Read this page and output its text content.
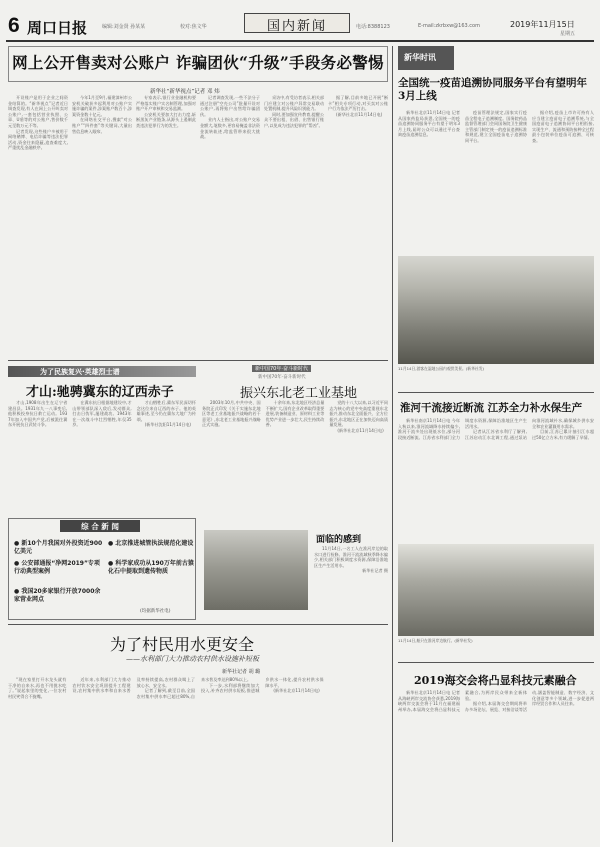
6 周口日报	编辑:刘金贤 孙某某	校对:焦文华	国内新闻	电话:8388123	E-mail:zkrbxw@163.com	2019年11月15日
星期五
网上公开售卖对公账户 诈骗团伙“升级”手段务必警惕
新华社“新华视点”记者 邓 炜

开设账户是用于企业之间资金结算的。“新华视点”记者近日调查发现,有人在网上公开叫卖对公账户,一套包括营业执照、公章、U盾等的对公账户,售价数千元至数万元不等。

记者发现,这些账户多被用于网络赌博、电信诈骗等违法犯罪活动,资金往来隐蔽,追查难度大,严重扰乱金融秩序。

今年1月至9月,福建漳州市公安机关破获多起利用对公账户实施诈骗的案件,涉案账户数百个,涉案资金数十亿元。

在网络社交平台,搜索“对公账户”“四件套”等关键词,大量出售信息映入眼帘。

专家表示,银行业金融机构要严格落实账户实名制管理,加强对账户开户审核和交易监测。

公安机关要加大打击力度,斩断黑灰产业链条,从源头上遏制此类违法犯罪行为的发生。

记者调查发现,一些不法分子通过注册“空壳公司”批量开设对公账户,再将账户出售给诈骗团伙。

业内人士指出,对公账户交易金额大,笔数多,更容易掩盖非法资金流转轨迹,给监管带来很大挑战。

采访中,有受访者表示,相关部门应建立对公账户异常交易联动处置机制,提升风险识别能力。

同时,要加强宣传教育,提醒公众不要出租、出借、出售银行账户,以免成为违法犯罪的“帮凶”。

据了解,目前多地已开展“断卡”相关专项行动,对买卖对公账户行为依法严厉打击。

(新华社北京11月14日电)

为了民族复兴·英雄烈士谱
才山:驰骋冀东的辽西赤子

才山,1908年出生在辽宁省建昌县。1931年九一八事变后,他积极投身抗日救亡运动。1937年加入中国共产党,后被派往冀东开展抗日武装斗争。

在冀东抗日根据地建设中,才山带领部队深入敌后,发动群众,打击日伪军,屡建战功。1943年在一次战斗中壮烈牺牲,年仅35岁。

才山牺牲后,冀东军民深切怀念这位来自辽西的赤子。他的英雄事迹,至今仍在冀东大地广为传颂。

(新华社沈阳11月14日电)

新中国70年·奋斗新时代
新中国70年·奋斗新时代
振兴东北老工业基地

2003年10月,中共中央、国务院正式印发《关于实施东北地区等老工业基地振兴战略的若干意见》,东北老工业基地振兴战略正式实施。

十余年来,东北地区经济总量不断扩大,国有企业改革取得重要进展,装备制造业、原材料工业等优势产业进一步壮大,民生持续改善。

党的十八大以来,以习近平同志为核心的党中央高度重视东北振兴,推动东北全面振兴、全方位振兴,东北地区正在加快迈向高质量发展。

(新华社北京11月14日电)

综 合 新 闻
● 新10个月我国对外投资近900亿美元
● 北京推进城管执法规范化建设
● 公安部通报“净网2019”专项行动典型案例
● 科学家成功从190万年前古猿化石中提取到遗传物质
● 我国20多家银行开放7000余家营业网点
(均据新华社电)
面临的感到

11月14日,一名工人在淮河岸边的取水口进行检修。淮河干流流域秋季降水偏少,相关部门积极调度水资源,保障沿淮地区生产生活用水。

新华社记者 摄

为了村民用水更安全
——水利部门大力推动农村供水设施补短板
新华社记者 胡 璐

“现在家里打开水龙头就有干净的自来水,再也不用挑水吃了。”说起家里的变化,一位农村村民笑得合不拢嘴。

近年来,水利部门大力推动农村饮水安全巩固提升工程建设,农村集中供水率和自来水普及率持续提高,农村群众喝上了放心水、安全水。

记者了解到,截至目前,全国农村集中供水率已超过80%,自来水普及率达到80%以上。

下一步,水利部将继续加大投入,补齐农村供水短板,推进城乡供水一体化,提升农村供水保障水平。

(新华社北京11月14日电)

新华时讯
全国统一疫苗追溯协同服务平台有望明年3月上线

新华社北京11月14日电 记者从国家药监局获悉,全国统一的疫苗追溯协同服务平台有望于明年3月上线,届时公众可以通过平台查询疫苗追溯信息。

疫苗管理法规定,国家实行疫苗全程电子追溯制度。国务院药品监督管理部门会同国务院卫生健康主管部门制定统一的疫苗追溯标准和规范,建立全国疫苗电子追溯协同平台。

据介绍,疫苗上市许可持有人应当建立疫苗电子追溯系统,与全国疫苗电子追溯协同平台相衔接,实现生产、流通和预防接种全过程最小包装单位疫苗可追溯、可核查。

11月14日,游客在湿地公园内观赏美景。(新华社发)
淮河干流接近断流 江苏全力补水保生产

新华社南京11月14日电 今年入秋以来,淮河流域降水持续偏少,淮河干流多处出现低水位,部分河段接近断流。江苏省水利部门全力调度水资源,保障沿淮地区生产生活用水。

记者从江苏省水利厅了解到,江苏启动江水北调工程,通过泵站向淮河流域补水,确保城乡供水安全和农业灌溉用水需求。

目前,江苏已累计抽引江水超过50亿立方米,有力缓解了旱情。

11月14日,船只在淮河岸边航行。(新华社发)
2019海交会将凸显科技元素融合

新华社北京11月14日电 记者从海峡两岸交流协会获悉,2019海峡两岸交流会将于11月在福建福州举办,本届海交会将凸显科技元素融合,为两岸民众带来全新体验。

据介绍,本届海交会期间将举办多场论坛、展览、对接洽谈等活动,涵盖智能制造、数字经济、文化创意等多个领域,进一步促进两岸经贸合作和人员往来。
